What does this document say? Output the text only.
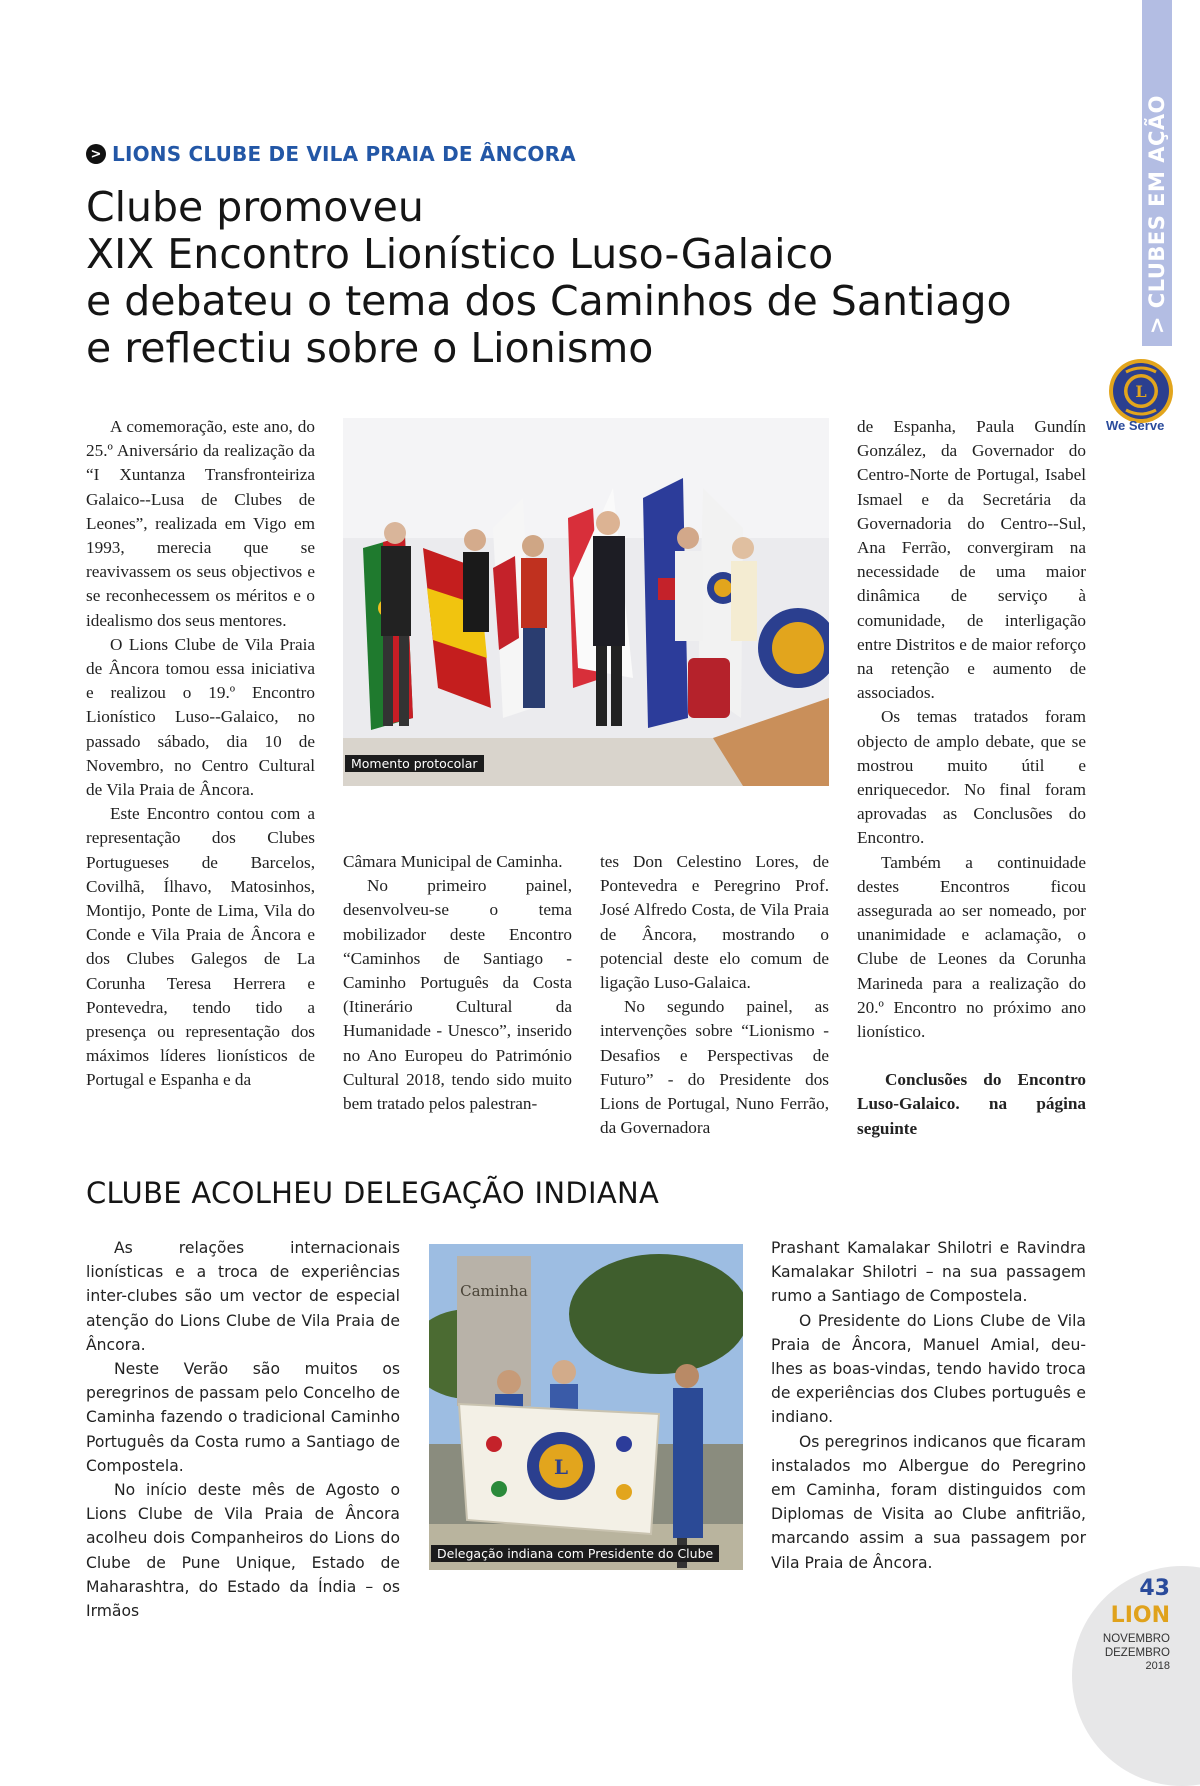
> CLUBES EM AÇÃO
L
We Serve
> LIONS CLUBE DE VILA PRAIA DE ÂNCORA
Clube promoveu
XIX Encontro Lionístico Luso-Galaico
e debateu o tema dos Caminhos de Santiago
e reflectiu sobre o Lionismo

A comemoração, este ano, do 25.º Aniversário da realização da “I Xuntanza Transfronteiriza Galaico--Lusa de Clubes de Leones”, realizada em Vigo em 1993, merecia que se reavivassem os seus objectivos e se reconhecessem os méritos e o idealismo dos seus mentores.

O Lions Clube de Vila Praia de Âncora tomou essa iniciativa e realizou o 19.º Encontro Lionístico Luso--Galaico, no passado sábado, dia 10 de Novembro, no Centro Cultural de Vila Praia de Âncora.

Este Encontro contou com a representação dos Clubes Portugueses de Barcelos, Covilhã, Ílhavo, Matosinhos, Montijo, Ponte de Lima, Vila do Conde e Vila Praia de Âncora e dos Clubes Galegos de La Corunha Teresa Herrera e Pontevedra, tendo tido a presença ou representação dos máximos líderes lionísticos de Portugal e Espanha e da

Momento protocolar

Câmara Municipal de Caminha.

No primeiro painel, desenvolveu-se o tema mobilizador deste Encontro “Caminhos de Santiago - Caminho Português da Costa (Itinerário Cultural da Humanidade - Unesco”, inserido no Ano Europeu do Património Cultural 2018, tendo sido muito bem tratado pelos palestran-

tes Don Celestino Lores, de Pontevedra e Peregrino Prof. José Alfredo Costa, de Vila Praia de Âncora, mostrando o potencial deste elo comum de ligação Luso-Galaica.

No segundo painel, as intervenções sobre “Lionismo - Desafios e Perspectivas de Futuro” - do Presidente dos Lions de Portugal, Nuno Ferrão, da Governadora

de Espanha, Paula Gundín González, da Governador do Centro-Norte de Portugal, Isabel Ismael e da Secretária da Governadoria do Centro--Sul, Ana Ferrão, convergiram na necessidade de uma maior dinâmica de serviço à comunidade, de interligação entre Distritos e de maior reforço na retenção e aumento de associados.

Os temas tratados foram objecto de amplo debate, que se mostrou muito útil e enriquecedor. No final foram aprovadas as Conclusões do Encontro.

Também a continuidade destes Encontros ficou assegurada ao ser nomeado, por unanimidade e aclamação, o Clube de Leones da Corunha Marineda para a realização do 20.º Encontro no próximo ano lionístico.

Conclusões do Encontro Luso-Galaico. na página seguinte

CLUBE ACOLHEU DELEGAÇÃO INDIANA

As relações internacionais lionísticas e a troca de experiências inter-clubes são um vector de especial atenção do Lions Clube de Vila Praia de Âncora.

Neste Verão são muitos os peregrinos de passam pelo Concelho de Caminha fazendo o tradicional Caminho Português da Costa rumo a Santiago de Compostela.

No início deste mês de Agosto o Lions Clube de Vila Praia de Âncora acolheu dois Companheiros do Lions do Clube de Pune Unique, Estado de Maharashtra, do Estado da Índia – os Irmãos

Caminha
L
Delegação indiana com Presidente do Clube

Prashant Kamalakar Shilotri e Ravindra Kamalakar Shilotri – na sua passagem rumo a Santiago de Compostela.

O Presidente do Lions Clube de Vila Praia de Âncora, Manuel Amial, deu-lhes as boas-vindas, tendo havido troca de experiências dos Clubes português e indiano.

Os peregrinos indicanos que ficaram instalados mo Albergue do Peregrino em Caminha, foram distinguidos com Diplomas de Visita ao Clube anfitrião, marcando assim a sua passagem por Vila Praia de Âncora.

43
LION
NOVEMBRO
DEZEMBRO
2018
